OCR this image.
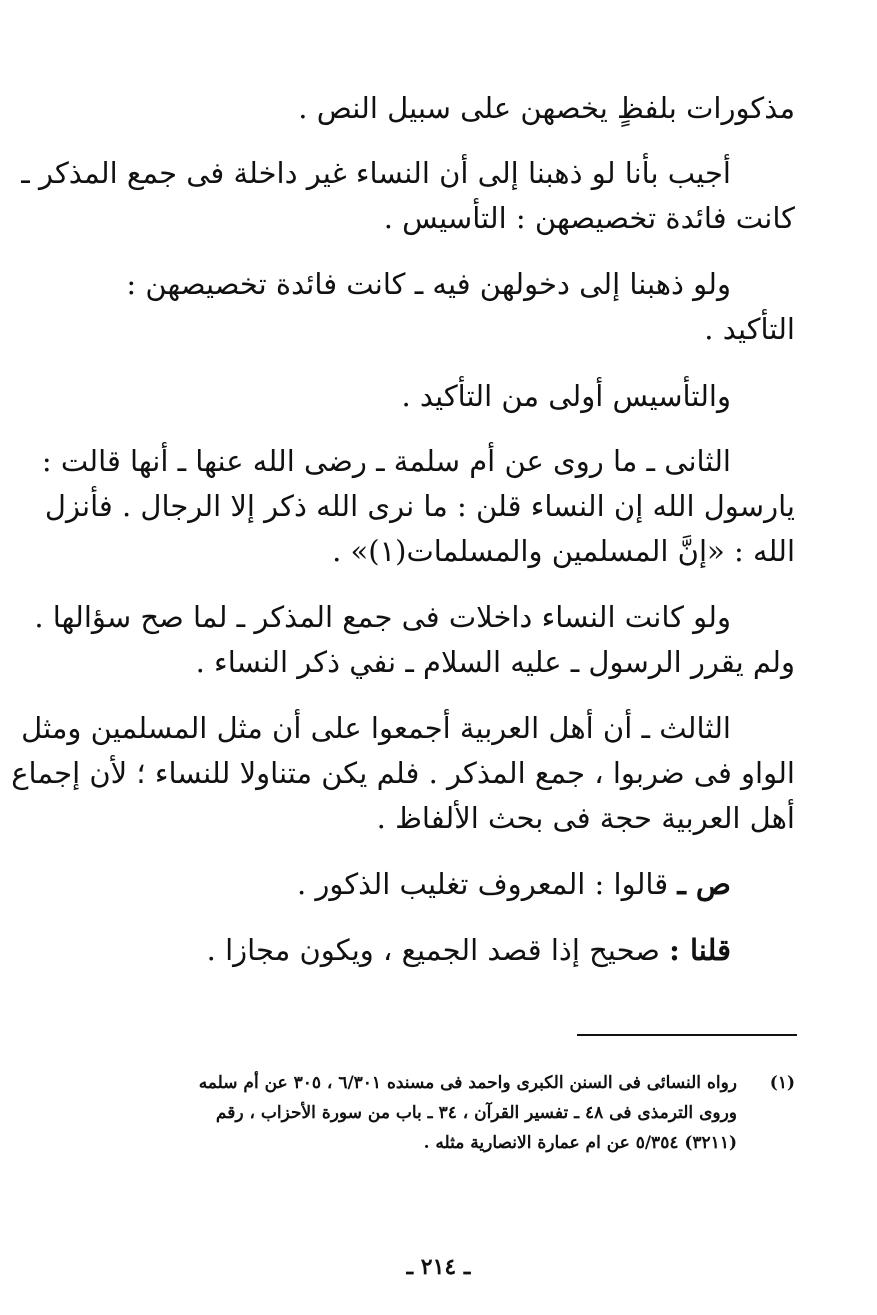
مذكورات بلفظٍ يخصهن على سبيل النص .
أجيب بأنا لو ذهبنا إلى أن النساء غير داخلة فى جمع المذكر ـ
كانت فائدة تخصيصهن : التأسيس .
ولو ذهبنا إلى دخولهن فيه ـ كانت فائدة تخصيصهن :
التأكيد .
والتأسيس أولى من التأكيد .
الثانى ـ ما روى عن أم سلمة ـ رضى الله عنها ـ أنها قالت :
يارسول الله إن النساء قلن : ما نرى الله ذكر إلا الرجال . فأنزل
الله : «إنَّ المسلمين والمسلمات(١)» .
ولو كانت النساء داخلات فى جمع المذكر ـ لما صح سؤالها .
ولم يقرر الرسول ـ عليه السلام ـ نفي ذكر النساء .
الثالث ـ أن أهل العربية أجمعوا على أن مثل المسلمين ومثل
الواو فى ضربوا ، جمع المذكر . فلم يكن متناولا للنساء ؛ لأن إجماع
أهل العربية حجة فى بحث الألفاظ .
ص ـ قالوا : المعروف تغليب الذكور .
قلنا : صحيح إذا قصد الجميع ، ويكون مجازا .
(١)
رواه النسائى فى السنن الكبرى واحمد فى مسنده ٦/٣٠١ ، ٣٠٥ عن أم سلمه
وروى الترمذى فى ٤٨ ـ تفسير القرآن ، ٣٤ ـ باب من سورة الأحزاب ، رقم
(٣٢١١) ٥/٣٥٤ عن ام عمارة الانصارية مثله .
ـ ٢١٤ ـ
